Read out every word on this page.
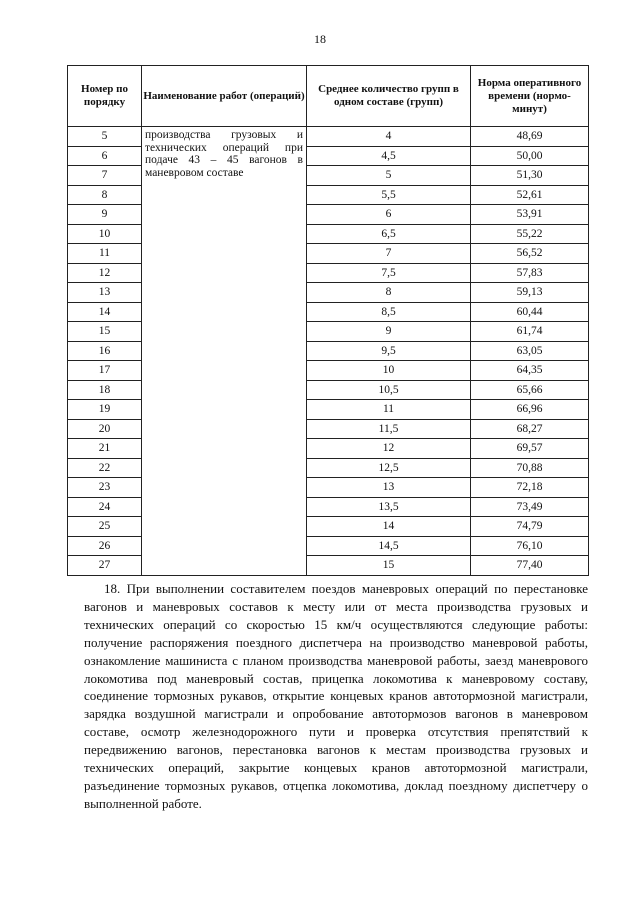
18
Номер по порядку	Наименование работ (операций)	Среднее количество групп в одном составе (групп)	Норма оперативного времени (нормо-минут)
5	производства грузовых и технических операций при подаче 43 – 45 вагонов в маневровом составе	4	48,69
6		4,5	50,00
7		5	51,30
8		5,5	52,61
9		6	53,91
10		6,5	55,22
11		7	56,52
12		7,5	57,83
13		8	59,13
14		8,5	60,44
15		9	61,74
16		9,5	63,05
17		10	64,35
18		10,5	65,66
19		11	66,96
20		11,5	68,27
21		12	69,57
22		12,5	70,88
23		13	72,18
24		13,5	73,49
25		14	74,79
26		14,5	76,10
27		15	77,40

18. При выполнении составителем поездов маневровых операций по перестановке вагонов и маневровых составов к месту или от места производства грузовых и технических операций со скоростью 15 км/ч осуществляются следующие работы: получение распоряжения поездного диспетчера на производство маневровой работы, ознакомление машиниста с планом производства маневровой работы, заезд маневрового локомотива под маневровый состав, прицепка локомотива к маневровому составу, соединение тормозных рукавов, открытие концевых кранов автотормозной магистрали, зарядка воздушной магистрали и опробование автотормозов вагонов в маневровом составе, осмотр железнодорожного пути и проверка отсутствия препятствий к передвижению вагонов, перестановка вагонов к местам производства грузовых и технических операций, закрытие концевых кранов автотормозной магистрали, разъединение тормозных рукавов, отцепка локомотива, доклад поездному диспетчеру о выполненной работе.
